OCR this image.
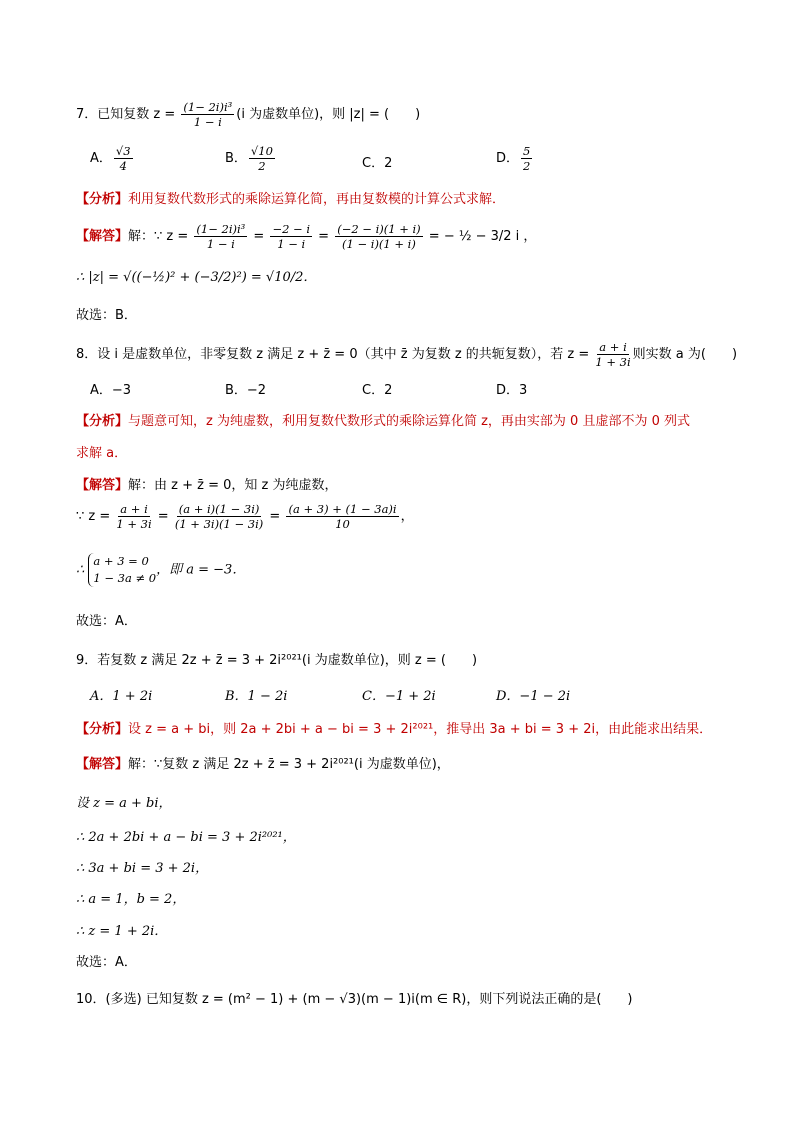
7．已知复数 $z = \frac{\text{(1− 2i)i³}}{1 - i} (i$ 为虚数单位)，则 |z| = (　　)
A． $\frac{√3}{4}$	B． $\frac{√10}{2}$	C．2	D． $\frac{5}{2}$
【分析】利用复数代数形式的乘除运算化简，再由复数模的计算公式求解．
【解答】解：∵ $z = \frac{\text{(1− 2i)i³}}{1 - i} = \frac{-2 - i}{1 - i} = \frac{(-2 - i)(1 + i)}{(1 - i)(1 + i)}$ = − ½ − 3/2 i ，
∴ |z| = √((−½)² + (−3/2)²) = √10/2．
故选：B．
8．设 i 是虚数单位，非零复数 z 满足 z + z̄ = 0（其中 z̄ 为复数 z 的共轭复数），若 $z = \frac{a + i}{1 + 3i}$ 则实数 a 为(　　)
A．−3	B．−2	C．2	D．3
【分析】与题意可知，z 为纯虚数，利用复数代数形式的乘除运算化简 z，再由实部为 0 且虚部不为 0 列式
求解 a．
【解答】解：由 z + z̄ = 0，知 z 为纯虚数，
∵ $z = \frac{a + i}{1 + 3i} = \frac{(a + i)(1 - 3i)}{(1 + 3i)(1 - 3i)} = \frac{(a + 3) + (1 - 3a)i}{10}$ ，
∴
a + 3 = 0
1 − 3a ≠ 0
，即 a = −3．
故选：A．
9．若复数 z 满足 2z + z̄ = 3 + 2i²⁰²¹(i 为虚数单位)，则 z = (　　)
A．1 + 2i	B．1 − 2i	C．−1 + 2i	D．−1 − 2i
【分析】设 z = a + bi，则 2a + 2bi + a − bi = 3 + 2i²⁰²¹，推导出 3a + bi = 3 + 2i，由此能求出结果．
【解答】解：∵复数 z 满足 2z + z̄ = 3 + 2i²⁰²¹(i 为虚数单位)，
设 z = a + bi，
∴ 2a + 2bi + a − bi = 3 + 2i²⁰²¹，
∴ 3a + bi = 3 + 2i，
∴ a = 1，b = 2，
∴ z = 1 + 2i．
故选：A．
10．(多选) 已知复数 z = (m² − 1) + (m − √3)(m − 1)i(m ∈ R)，则下列说法正确的是(　　)
